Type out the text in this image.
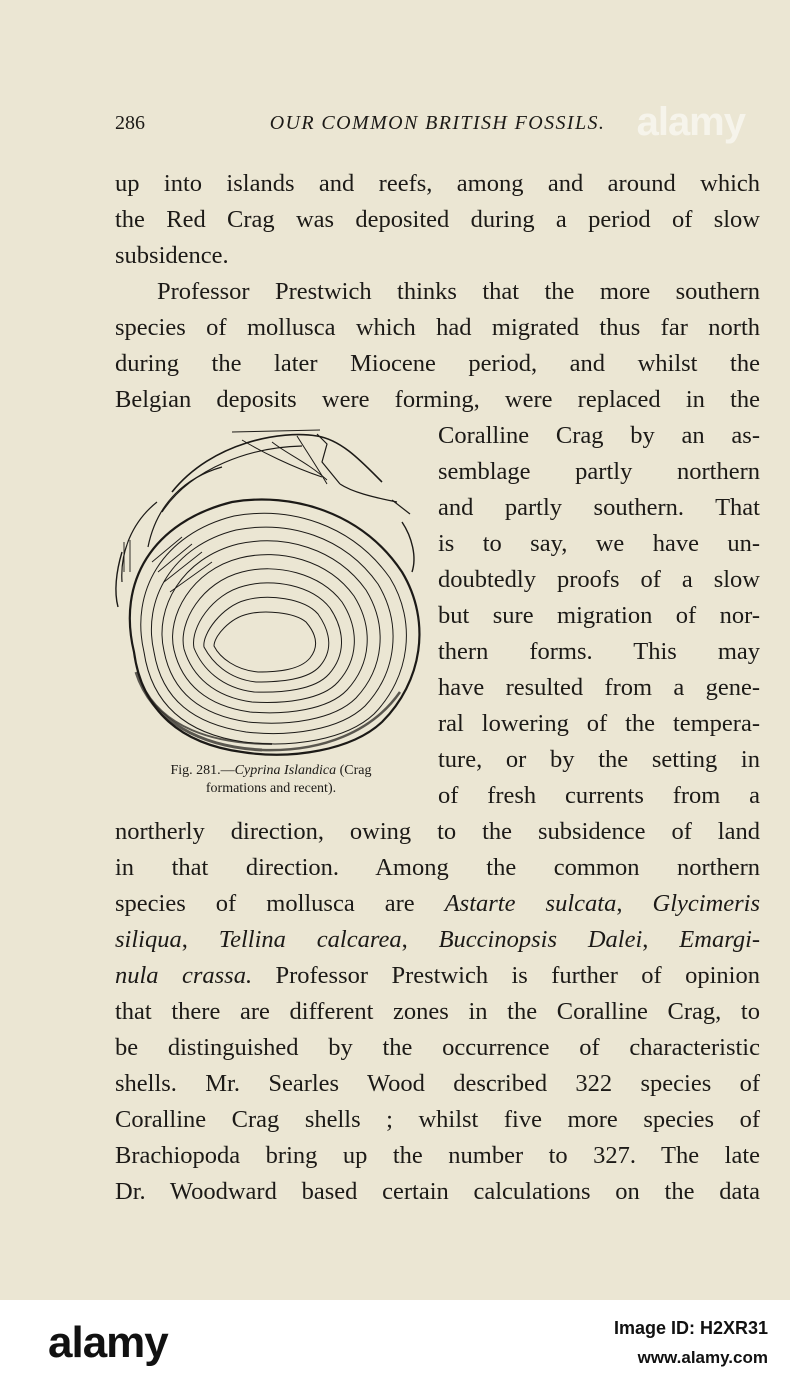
286	OUR COMMON BRITISH FOSSILS. alamy
up into islands and reefs, among and around which
the Red Crag was deposited during a period of slow
subsidence.
Professor Prestwich thinks that the more southern
species of mollusca which had migrated thus far north
during the later Miocene period, and whilst the
Belgian deposits were forming, were replaced in the
Fig. 281.—Cyprina Islandica (Crag
formations and recent).
Coralline Crag by an as-
semblage partly northern
and partly southern. That
is to say, we have un-
doubtedly proofs of a slow
but sure migration of nor-
thern forms. This may
have resulted from a gene-
ral lowering of the tempera-
ture, or by the setting in
of fresh currents from a
northerly direction, owing to the subsidence of land
in that direction. Among the common northern
species of mollusca are Astarte sulcata, Glycimeris
siliqua, Tellina calcarea, Buccinopsis Dalei, Emargi-
nula crassa. Professor Prestwich is further of opinion
that there are different zones in the Coralline Crag, to
be distinguished by the occurrence of characteristic
shells. Mr. Searles Wood described 322 species of
Coralline Crag shells ; whilst five more species of
Brachiopoda bring up the number to 327. The late
Dr. Woodward based certain calculations on the data
alamy	Image ID: H2XR31
www.alamy.com
